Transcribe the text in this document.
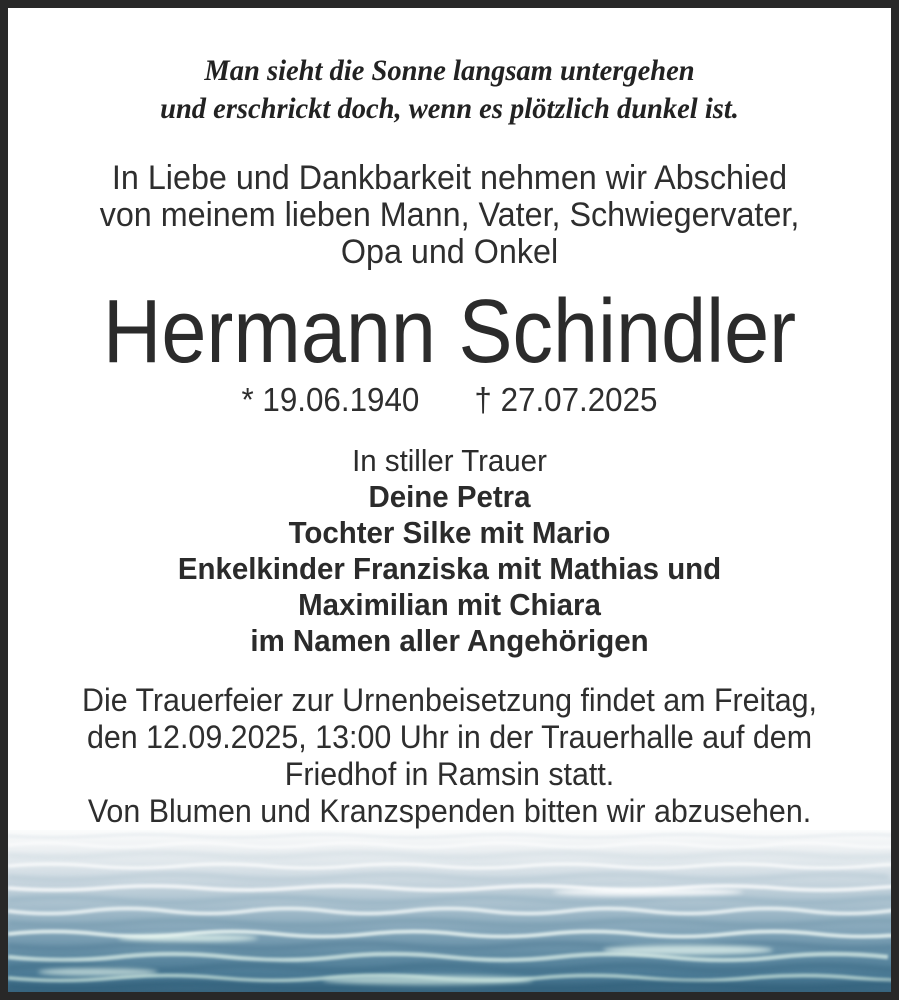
Man sieht die Sonne langsam untergehen
und erschrickt doch, wenn es plötzlich dunkel ist.
In Liebe und Dankbarkeit nehmen wir Abschied
von meinem lieben Mann, Vater, Schwiegervater,
Opa und Onkel
Hermann Schindler
* 19.06.1940 † 27.07.2025
In stiller Trauer
Deine Petra
Tochter Silke mit Mario
Enkelkinder Franziska mit Mathias und
Maximilian mit Chiara
im Namen aller Angehörigen
Die Trauerfeier zur Urnenbeisetzung findet am Freitag,
den 12.09.2025, 13:00 Uhr in der Trauerhalle auf dem
Friedhof in Ramsin statt.
Von Blumen und Kranzspenden bitten wir abzusehen.
